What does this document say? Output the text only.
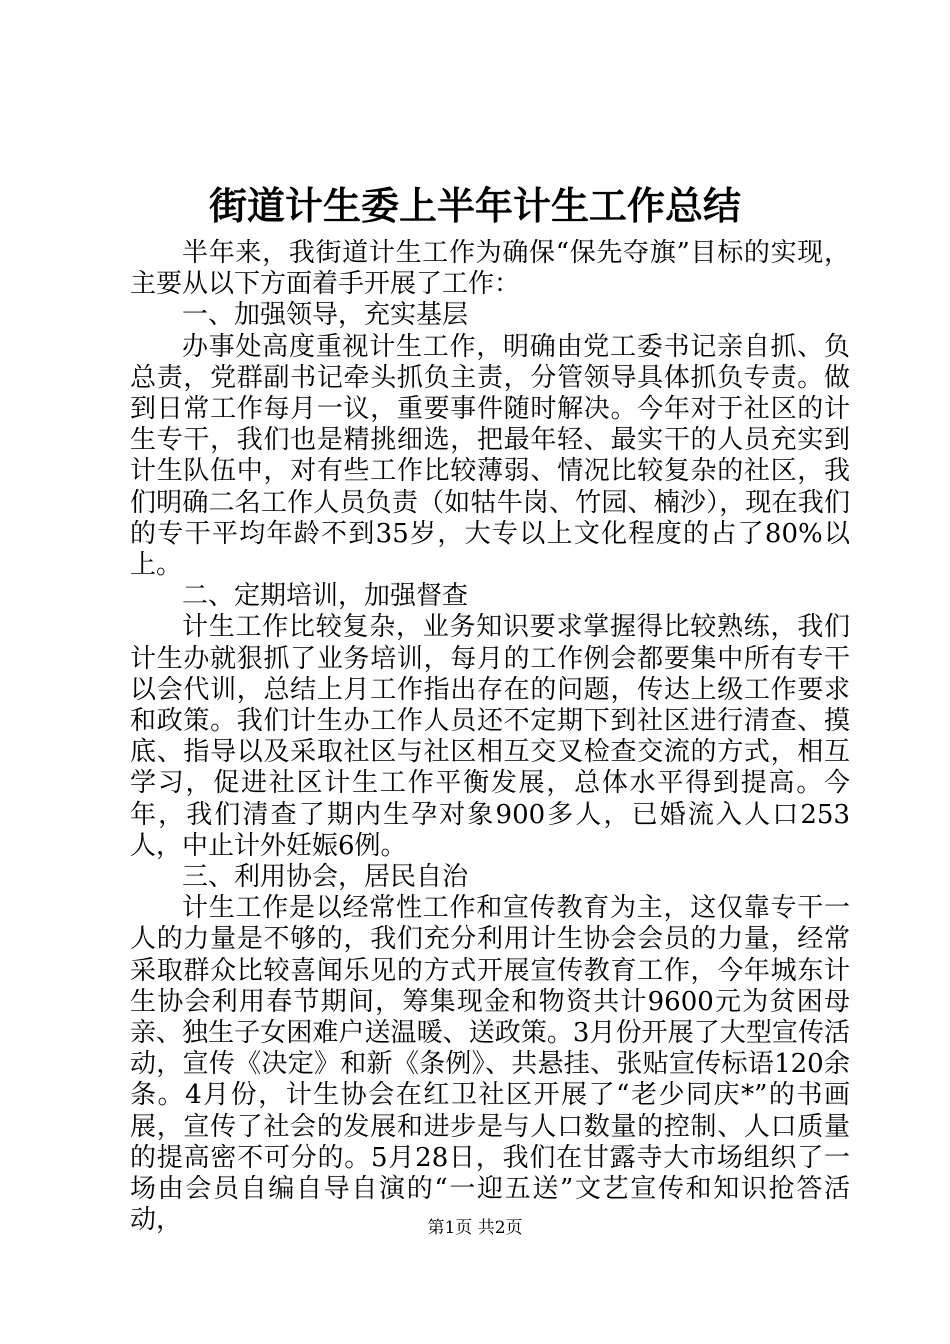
街道计生委上半年计生工作总结

半年来，我街道计生工作为确保“保先夺旗”目标的实现，主要从以下方面着手开展了工作：

一、加强领导，充实基层

办事处高度重视计生工作，明确由党工委书记亲自抓、负总责，党群副书记牵头抓负主责，分管领导具体抓负专责。做到日常工作每月一议，重要事件随时解决。今年对于社区的计生专干，我们也是精挑细选，把最年轻、最实干的人员充实到计生队伍中，对有些工作比较薄弱、情况比较复杂的社区，我们明确二名工作人员负责（如牯牛岗、竹园、楠沙），现在我们的专干平均年龄不到35岁，大专以上文化程度的占了80%以上。

二、定期培训，加强督查

计生工作比较复杂，业务知识要求掌握得比较熟练，我们计生办就狠抓了业务培训，每月的工作例会都要集中所有专干以会代训，总结上月工作指出存在的问题，传达上级工作要求和政策。我们计生办工作人员还不定期下到社区进行清查、摸底、指导以及采取社区与社区相互交叉检查交流的方式，相互学习，促进社区计生工作平衡发展，总体水平得到提高。今年，我们清查了期内生孕对象900多人，已婚流入人口253人，中止计外妊娠6例。

三、利用协会，居民自治

计生工作是以经常性工作和宣传教育为主，这仅靠专干一人的力量是不够的，我们充分利用计生协会会员的力量，经常采取群众比较喜闻乐见的方式开展宣传教育工作，今年城东计生协会利用春节期间，筹集现金和物资共计9600元为贫困母亲、独生子女困难户送温暖、送政策。3月份开展了大型宣传活动，宣传《决定》和新《条例》、共悬挂、张贴宣传标语120余条。4月份，计生协会在红卫社区开展了“老少同庆*”的书画展，宣传了社会的发展和进步是与人口数量的控制、人口质量的提高密不可分的。5月28日，我们在甘露寺大市场组织了一场由会员自编自导自演的“一迎五送”文艺宣传和知识抢答活动，	第1页 共2页
